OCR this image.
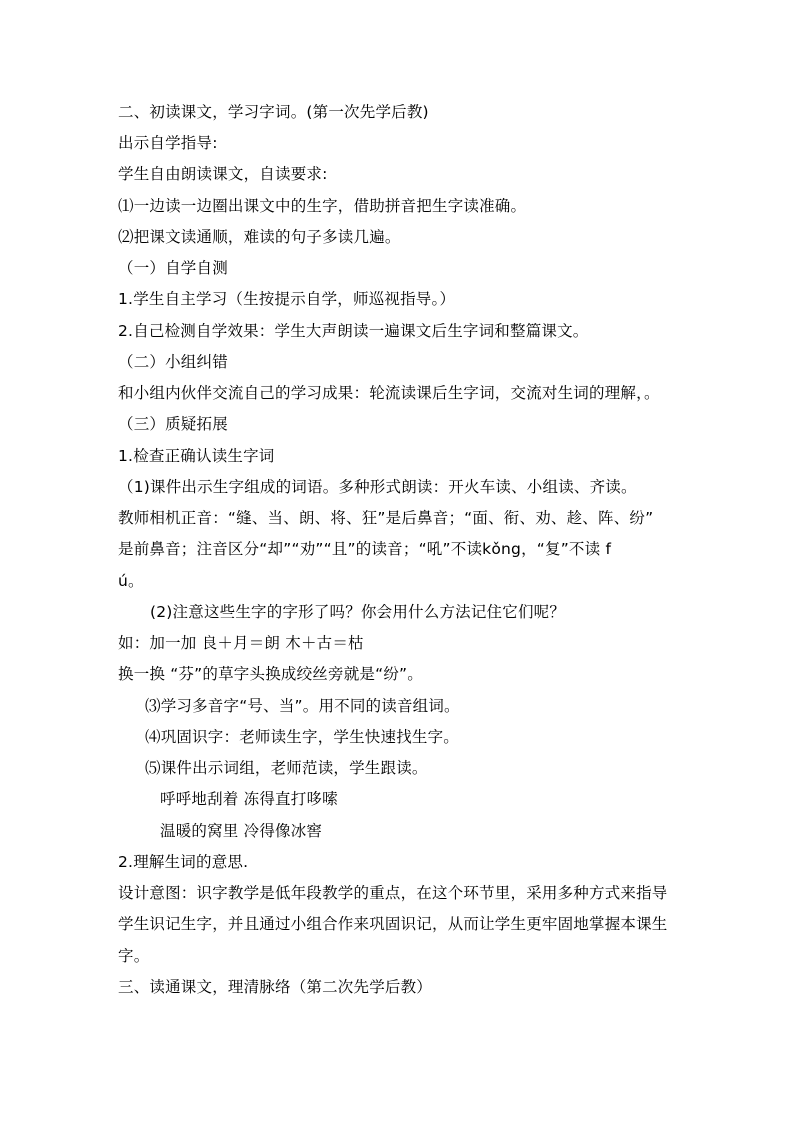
二、初读课文，学习字词。(第一次先学后教)
出示自学指导:
学生自由朗读课文，自读要求:
⑴一边读一边圈出课文中的生字，借助拼音把生字读准确。
⑵把课文读通顺，难读的句子多读几遍。
（一）自学自测
1.学生自主学习（生按提示自学，师巡视指导。）
2.自己检测自学效果：学生大声朗读一遍课文后生字词和整篇课文。
（二）小组纠错
和小组内伙伴交流自己的学习成果：轮流读课后生字词，交流对生词的理解，。
（三）质疑拓展
1.检查正确认读生字词
（1)课件出示生字组成的词语。多种形式朗读：开火车读、小组读、齐读。
教师相机正音：“缝、当、朗、将、狂”是后鼻音；“面、衔、劝、趁、阵、纷”
是前鼻音；注音区分“却”“劝”“且”的读音；“吼”不读kǒng，“复”不读 f
ú。
(2)注意这些生字的字形了吗？你会用什么方法记住它们呢？
如：加一加 良＋月＝朗 木＋古＝枯
换一换 “芬”的草字头换成绞丝旁就是“纷”。
⑶学习多音字“号、当”。用不同的读音组词。
⑷巩固识字：老师读生字，学生快速找生字。
⑸课件出示词组，老师范读，学生跟读。
呼呼地刮着 冻得直打哆嗦
温暖的窝里 冷得像冰窖
2.理解生词的意思.
设计意图：识字教学是低年段教学的重点，在这个环节里，采用多种方式来指导
学生识记生字，并且通过小组合作来巩固识记，从而让学生更牢固地掌握本课生
字。
三、读通课文，理清脉络（第二次先学后教）
